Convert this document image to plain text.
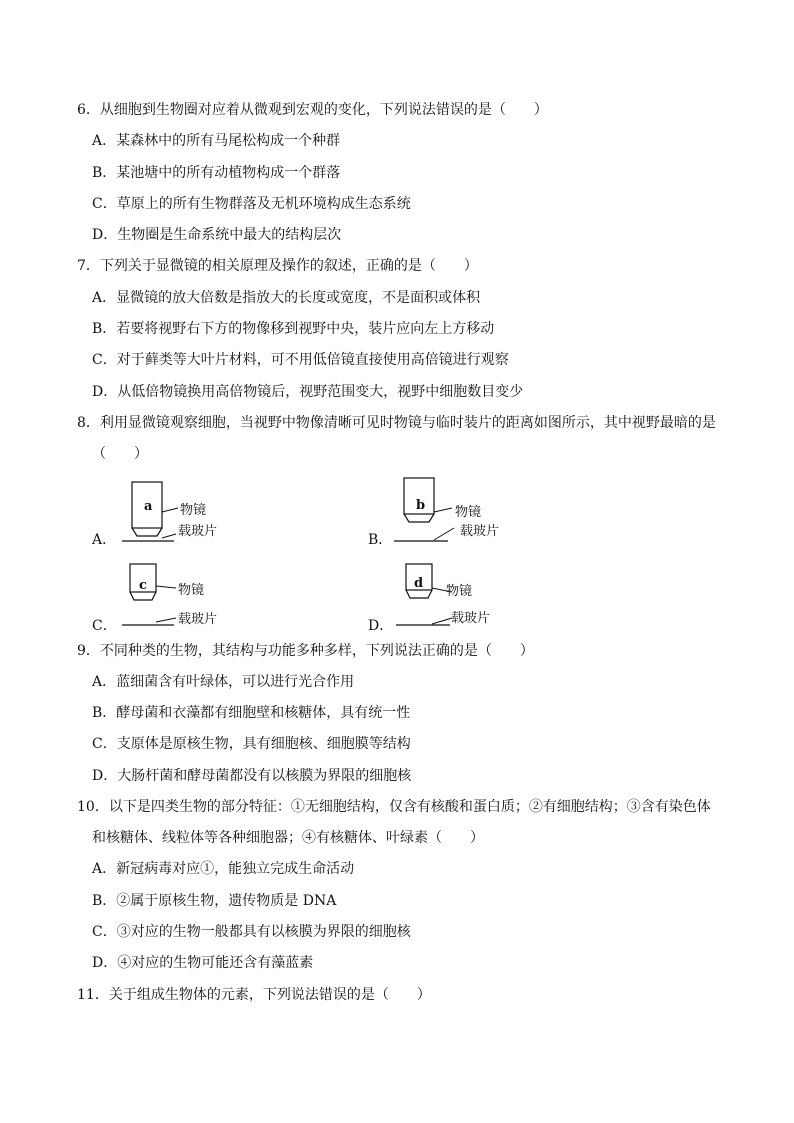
6．从细胞到生物圈对应着从微观到宏观的变化，下列说法错误的是（　　）
A．某森林中的所有马尾松构成一个种群
B．某池塘中的所有动植物构成一个群落
C．草原上的所有生物群落及无机环境构成生态系统
D．生物圈是生命系统中最大的结构层次
7．下列关于显微镜的相关原理及操作的叙述，正确的是（　　）
A．显微镜的放大倍数是指放大的长度或宽度，不是面积或体积
B．若要将视野右下方的物像移到视野中央，装片应向左上方移动
C．对于藓类等大叶片材料，可不用低倍镜直接使用高倍镜进行观察
D．从低倍物镜换用高倍物镜后，视野范围变大，视野中细胞数目变少
8．利用显微镜观察细胞，当视野中物像清晰可见时物镜与临时装片的距离如图所示，其中视野最暗的是
（　　）
A．
a 物镜
载玻片
B．
b 物镜
载玻片
C．
c 物镜
载玻片	D．
d
物镜
载玻片
9．不同种类的生物，其结构与功能多种多样，下列说法正确的是（　　）
A．蓝细菌含有叶绿体，可以进行光合作用
B．酵母菌和衣藻都有细胞壁和核糖体，具有统一性
C．支原体是原核生物，具有细胞核、细胞膜等结构
D．大肠杆菌和酵母菌都没有以核膜为界限的细胞核
10．以下是四类生物的部分特征：①无细胞结构，仅含有核酸和蛋白质；②有细胞结构；③含有染色体
和核糖体、线粒体等各种细胞器；④有核糖体、叶绿素（　　）
A．新冠病毒对应①，能独立完成生命活动
B．②属于原核生物，遗传物质是 DNA
C．③对应的生物一般都具有以核膜为界限的细胞核
D．④对应的生物可能还含有藻蓝素
11．关于组成生物体的元素，下列说法错误的是（　　）
